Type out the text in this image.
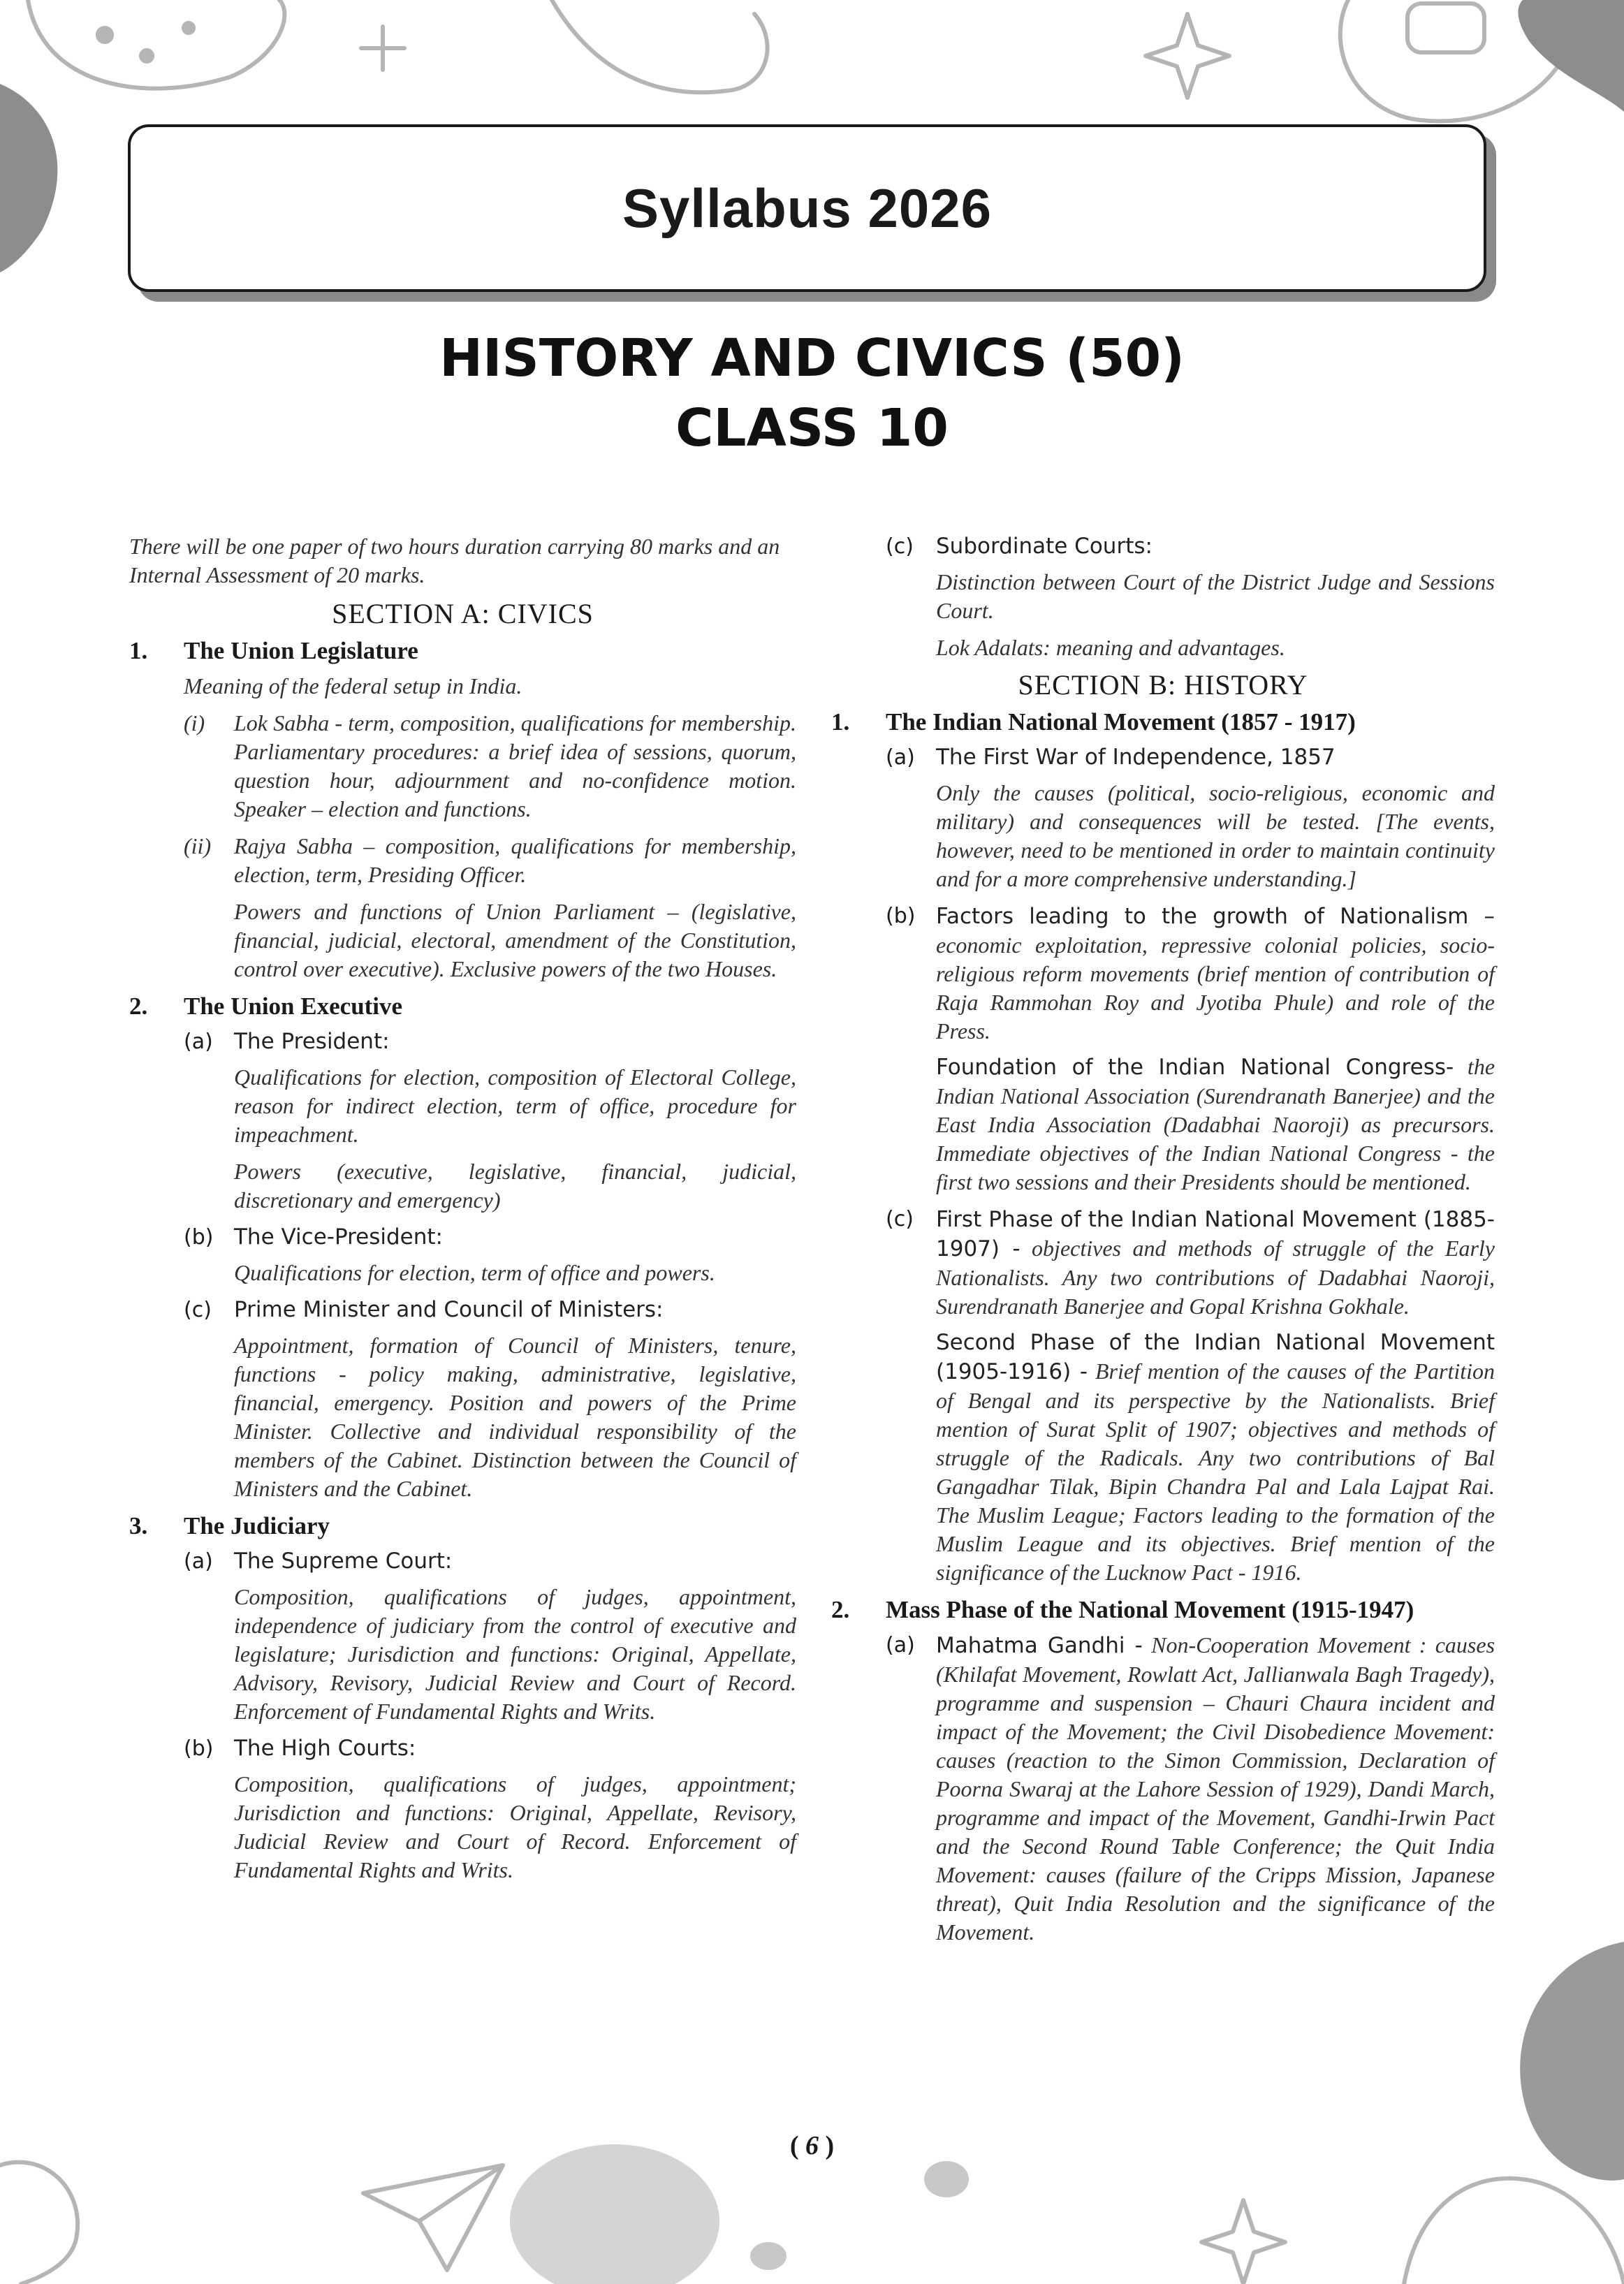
Syllabus 2026
HISTORY AND CIVICS (50)
CLASS 10

There will be one paper of two hours duration carrying 80 marks and an Internal Assessment of 20 marks.

SECTION A: CIVICS

1.	The Union Legislature

Meaning of the federal setup in India.

(i)	Lok Sabha - term, composition, qualifications for membership. Parliamentary procedures: a brief idea of sessions, quorum, question hour, adjournment and no-confidence motion. Speaker – election and functions.

(ii)	Rajya Sabha – composition, qualifications for membership, election, term, Presiding Officer.

Powers and functions of Union Parliament – (legislative, financial, judicial, electoral, amendment of the Constitution, control over executive). Exclusive powers of the two Houses.

2.	The Union Executive

(a) The President:

Qualifications for election, composition of Electoral College, reason for indirect election, term of office, procedure for impeachment.

Powers (executive, legislative, financial, judicial, discretionary and emergency)

(b) The Vice-President:

Qualifications for election, term of office and powers.

(c)	Prime Minister and Council of Ministers:

Appointment, formation of Council of Ministers, tenure, functions - policy making, administrative, legislative, financial, emergency. Position and powers of the Prime Minister. Collective and individual responsibility of the members of the Cabinet. Distinction between the Council of Ministers and the Cabinet.

3.	The Judiciary

(a) The Supreme Court:

Composition, qualifications of judges, appointment, independence of judiciary from the control of executive and legislature; Jurisdiction and functions: Original, Appellate, Advisory, Revisory, Judicial Review and Court of Record. Enforcement of Fundamental Rights and Writs.

(b) The High Courts:

Composition, qualifications of judges, appointment; Jurisdiction and functions: Original, Appellate, Revisory, Judicial Review and Court of Record. Enforcement of Fundamental Rights and Writs.

(c)	Subordinate Courts:

Distinction between Court of the District Judge and Sessions Court.

Lok Adalats: meaning and advantages.

SECTION B: HISTORY

1.	The Indian National Movement (1857 - 1917)

(a) The First War of Independence, 1857

Only the causes (political, socio-religious, economic and military) and consequences will be tested. [The events, however, need to be mentioned in order to maintain continuity and for a more comprehensive understanding.]

(b) Factors leading to the growth of Nationalism – economic exploitation, repressive colonial policies, socio-religious reform movements (brief mention of contribution of Raja Rammohan Roy and Jyotiba Phule) and role of the Press.

Foundation of the Indian National Congress- the Indian National Association (Surendranath Banerjee) and the East India Association (Dadabhai Naoroji) as precursors. Immediate objectives of the Indian National Congress - the first two sessions and their Presidents should be mentioned.

(c)	First Phase of the Indian National Movement (1885-1907) - objectives and methods of struggle of the Early Nationalists. Any two contributions of Dadabhai Naoroji, Surendranath Banerjee and Gopal Krishna Gokhale.

Second Phase of the Indian National Movement (1905-1916) - Brief mention of the causes of the Partition of Bengal and its perspective by the Nationalists. Brief mention of Surat Split of 1907; objectives and methods of struggle of the Radicals. Any two contributions of Bal Gangadhar Tilak, Bipin Chandra Pal and Lala Lajpat Rai. The Muslim League; Factors leading to the formation of the Muslim League and its objectives. Brief mention of the significance of the Lucknow Pact - 1916.

2.	Mass Phase of the National Movement (1915-1947)

(a) Mahatma Gandhi - Non-Cooperation Movement : causes (Khilafat Movement, Rowlatt Act, Jallianwala Bagh Tragedy), programme and suspension – Chauri Chaura incident and impact of the Movement; the Civil Disobedience Movement: causes (reaction to the Simon Commission, Declaration of Poorna Swaraj at the Lahore Session of 1929), Dandi March, programme and impact of the Movement, Gandhi-Irwin Pact and the Second Round Table Conference; the Quit India Movement: causes (failure of the Cripps Mission, Japanese threat), Quit India Resolution and the significance of the Movement.

( 6 )
